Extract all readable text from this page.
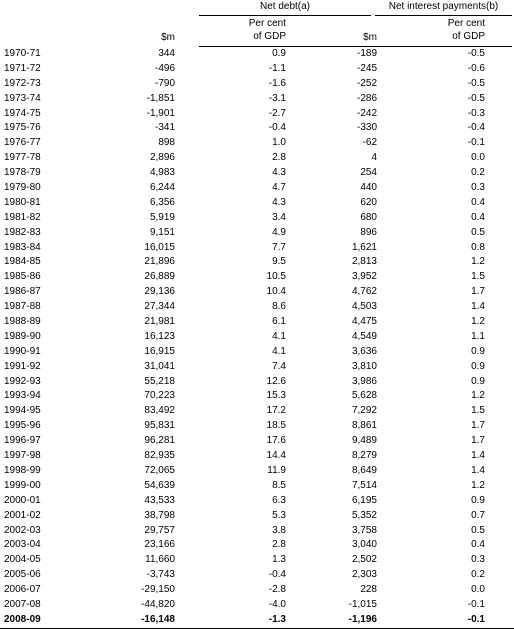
Net debt(a)	Net interest payments(b)
Per cent
of GDP
Per cent
of GDP
$m	$m
1970-71	344	0.9	-189	-0.5
1971-72	-496	-1.1	-245	-0.6
1972-73	-790	-1.6	-252	-0.5
1973-74	-1,851	-3.1	-286	-0.5
1974-75	-1,901	-2.7	-242	-0.3
1975-76	-341	-0.4	-330	-0.4
1976-77	898	1.0	-62	-0.1
1977-78	2,896	2.8	4	0.0
1978-79	4,983	4.3	254	0.2
1979-80	6,244	4.7	440	0.3
1980-81	6,356	4.3	620	0.4
1981-82	5,919	3.4	680	0.4
1982-83	9,151	4.9	896	0.5
1983-84	16,015	7.7	1,621	0.8
1984-85	21,896	9.5	2,813	1.2
1985-86	26,889	10.5	3,952	1.5
1986-87	29,136	10.4	4,762	1.7
1987-88	27,344	8.6	4,503	1.4
1988-89	21,981	6.1	4,475	1.2
1989-90	16,123	4.1	4,549	1.1
1990-91	16,915	4.1	3,636	0.9
1991-92	31,041	7.4	3,810	0.9
1992-93	55,218	12.6	3,986	0.9
1993-94	70,223	15.3	5,628	1.2
1994-95	83,492	17.2	7,292	1.5
1995-96	95,831	18.5	8,861	1.7
1996-97	96,281	17.6	9,489	1.7
1997-98	82,935	14.4	8,279	1.4
1998-99	72,065	11.9	8,649	1.4
1999-00	54,639	8.5	7,514	1.2
2000-01	43,533	6.3	6,195	0.9
2001-02	38,798	5.3	5,352	0.7
2002-03	29,757	3.8	3,758	0.5
2003-04	23,166	2.8	3,040	0.4
2004-05	11,660	1.3	2,502	0.3
2005-06	-3,743	-0.4	2,303	0.2
2006-07	-29,150	-2.8	228	0.0
2007-08	-44,820	-4.0	-1,015	-0.1
2008-09	-16,148	-1.3	-1,196	-0.1
